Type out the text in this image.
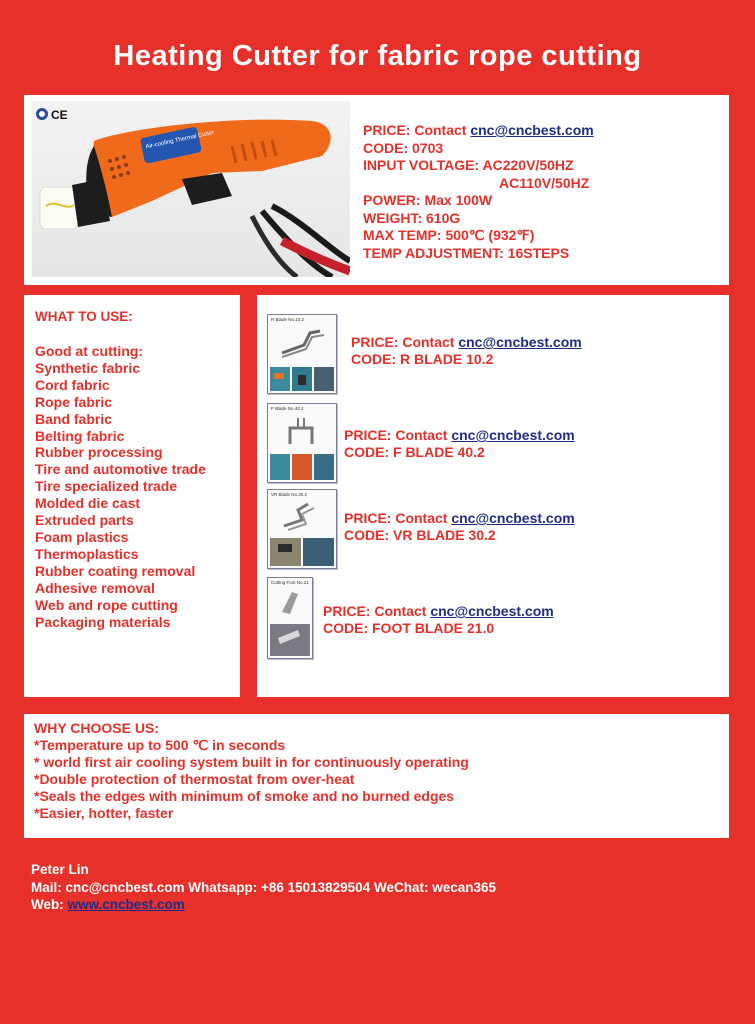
Heating Cutter for fabric rope cutting
CE
Air-cooling Thermal Cutter	PRICE: Contact cnc@cncbest.com
CODE: 0703
INPUT VOLTAGE: AC220V/50HZ
AC110V/50HZ
POWER: Max 100W
WEIGHT: 610G
MAX TEMP: 500℃ (932℉)
TEMP ADJUSTMENT: 16STEPS
WHAT TO USE:
Good at cutting:
Synthetic fabric
Cord fabric
Rope fabric
Band fabric
Belting fabric
Rubber processing
Tire and automotive trade
Tire specialized trade
Molded die cast
Extruded parts
Foam plastics
Thermoplastics
Rubber coating removal
Adhesive removal
Web and rope cutting
Packaging materials
R Blade No.10.2
PRICE: Contact cnc@cncbest.com
CODE: R BLADE 10.2
F Blade No.40.2
PRICE: Contact cnc@cncbest.com
CODE: F BLADE 40.2
VR Blade No.30.2
PRICE: Contact cnc@cncbest.com
CODE: VR BLADE 30.2
Cutting Foot No.21
PRICE: Contact cnc@cncbest.com
CODE: FOOT BLADE 21.0
WHY CHOOSE US:
*Temperature up to 500 ℃ in seconds
* world first air cooling system built in for continuously operating
*Double protection of thermostat from over-heat
*Seals the edges with minimum of smoke and no burned edges
*Easier, hotter, faster
Peter Lin
Mail: cnc@cncbest.com Whatsapp: +86 15013829504 WeChat: wecan365
Web: www.cncbest.com
